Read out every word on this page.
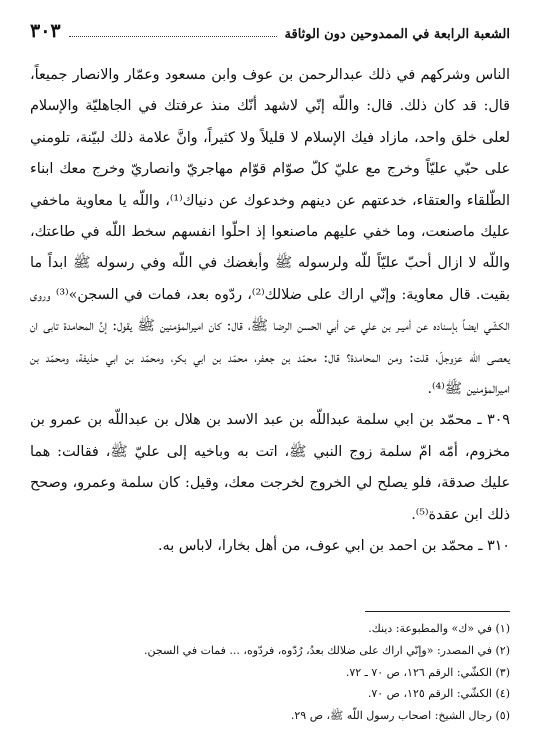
الشعبة الرابعة في الممدوحين دون الوثاقة
٣٠٣

الناس وشركهم في ذلك عبدالرحمن بن عوف وابن مسعود وعمّار والانصار جميعاً، قال: قد كان ذلك. قال: واللّه إنّي لاشهد أنّك منذ عرفتك في الجاهليّة والإسلام لعلى خلق واحد، مازاد فيك الإسلام لا قليلاً ولا كثيراً، وانَّ علامة ذلك لبيّنة، تلومني على حبّي عليّاً وخرج مع عليّ كلّ صوّام قوّام مهاجريّ وانصاريّ وخرج معك ابناء الطّلقاء والعتقاء، خدعتهم عن دينهم وخدعوك عن دنياك⁽¹⁾، واللّه يا معاوية ماخفي عليك ماصنعت، وما خفي عليهم ماصنعوا إذ احلّوا انفسهم سخط اللّه في طاعتك، واللّه لا ازال أحبّ عليّاً للّه ولرسوله ﷺ وأبغضك في اللّه وفي رسوله ﷺ ابداً ما بقيت. قال معاوية: وإنّي اراك على ضلالك⁽²⁾، ردّوه بعد، فمات في السجن»⁽³⁾ وروى الكشّي ايضاً بإسناده عن أميـر بن علي عن أبي الحسن الرضا ﷺ، قال: كان اميرالمؤمنين ﷺ يقول: إنَّ المحامدة تابى ان يعصى اللّه عزوجلّ، قلت: ومن المحامدة؟ قال: محمّد بن جعفر، محمّد بن ابي بكر، ومحمّد بن ابي حذيفة، ومحمّد بن اميرالمؤمنين ﷺ⁽⁴⁾.

٣٠٩ ـ محمّد بن ابي سلمة عبداللّه بن عبد الاسد بن هلال بن عبداللّه بن عمرو بن مخزوم، أمّه امّ سلمة زوج النبي ﷺ، اتت به وباخيه إلى عليّ ﷺ، فقالت: هما عليك صدقة، فلو يصلح لي الخروج لخرجت معك، وقيل: كان سلمة وعمرو، وصحح ذلك ابن عقدة⁽⁵⁾.

٣١٠ ـ محمّد بن احمد بن ابي عوف، من أهل بخارا، لاباس به.

(١) في «ك» والمطبوعة: دينك.
(٢) في المصدر: «وإنّي اراك على ضلالك بعدُ، رُدّوه، فردّوه، ... فمات في السجن.
(٣) الكشّي: الرقم ١٢٦، ص ٧٠ ـ ٧٢.
(٤) الكشّي: الرقم ١٢٥، ص ٧٠.
(٥) رجال الشيخ: اصحاب رسول اللّه ﷺ، ص ٢٩.
